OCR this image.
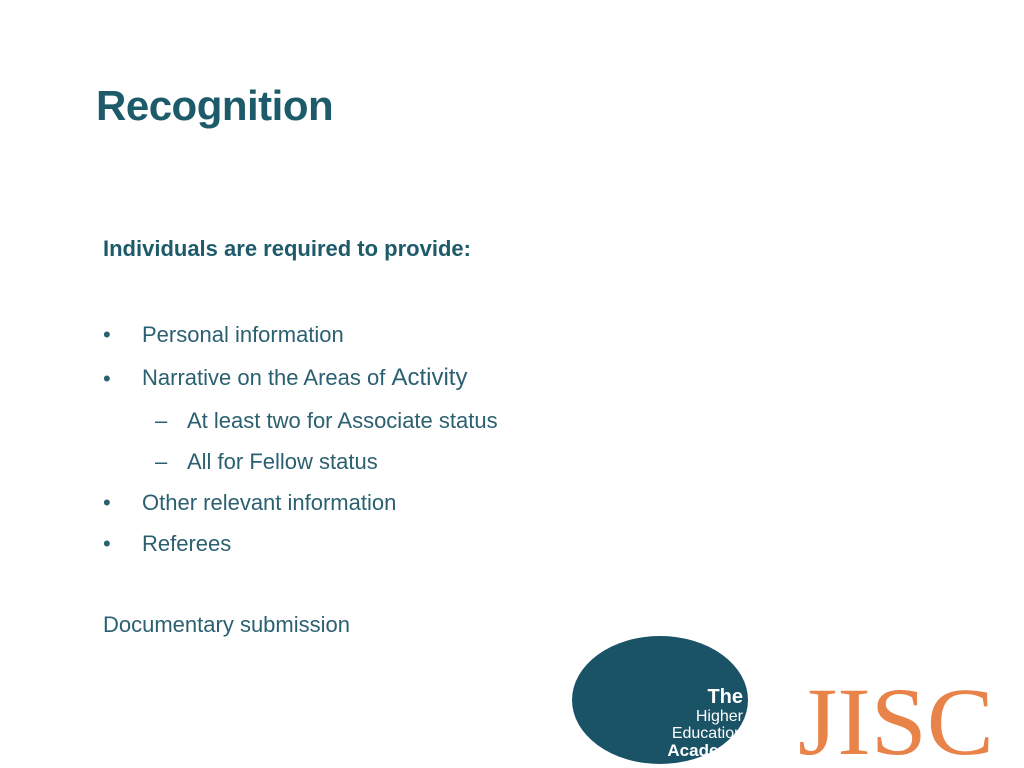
Recognition
Individuals are required to provide:
• Personal information
• Narrative on the Areas of Activity
– At least two for Associate status
– All for Fellow status
• Other relevant information
• Referees
Documentary submission
The
Higher
Education
Academy JISC
